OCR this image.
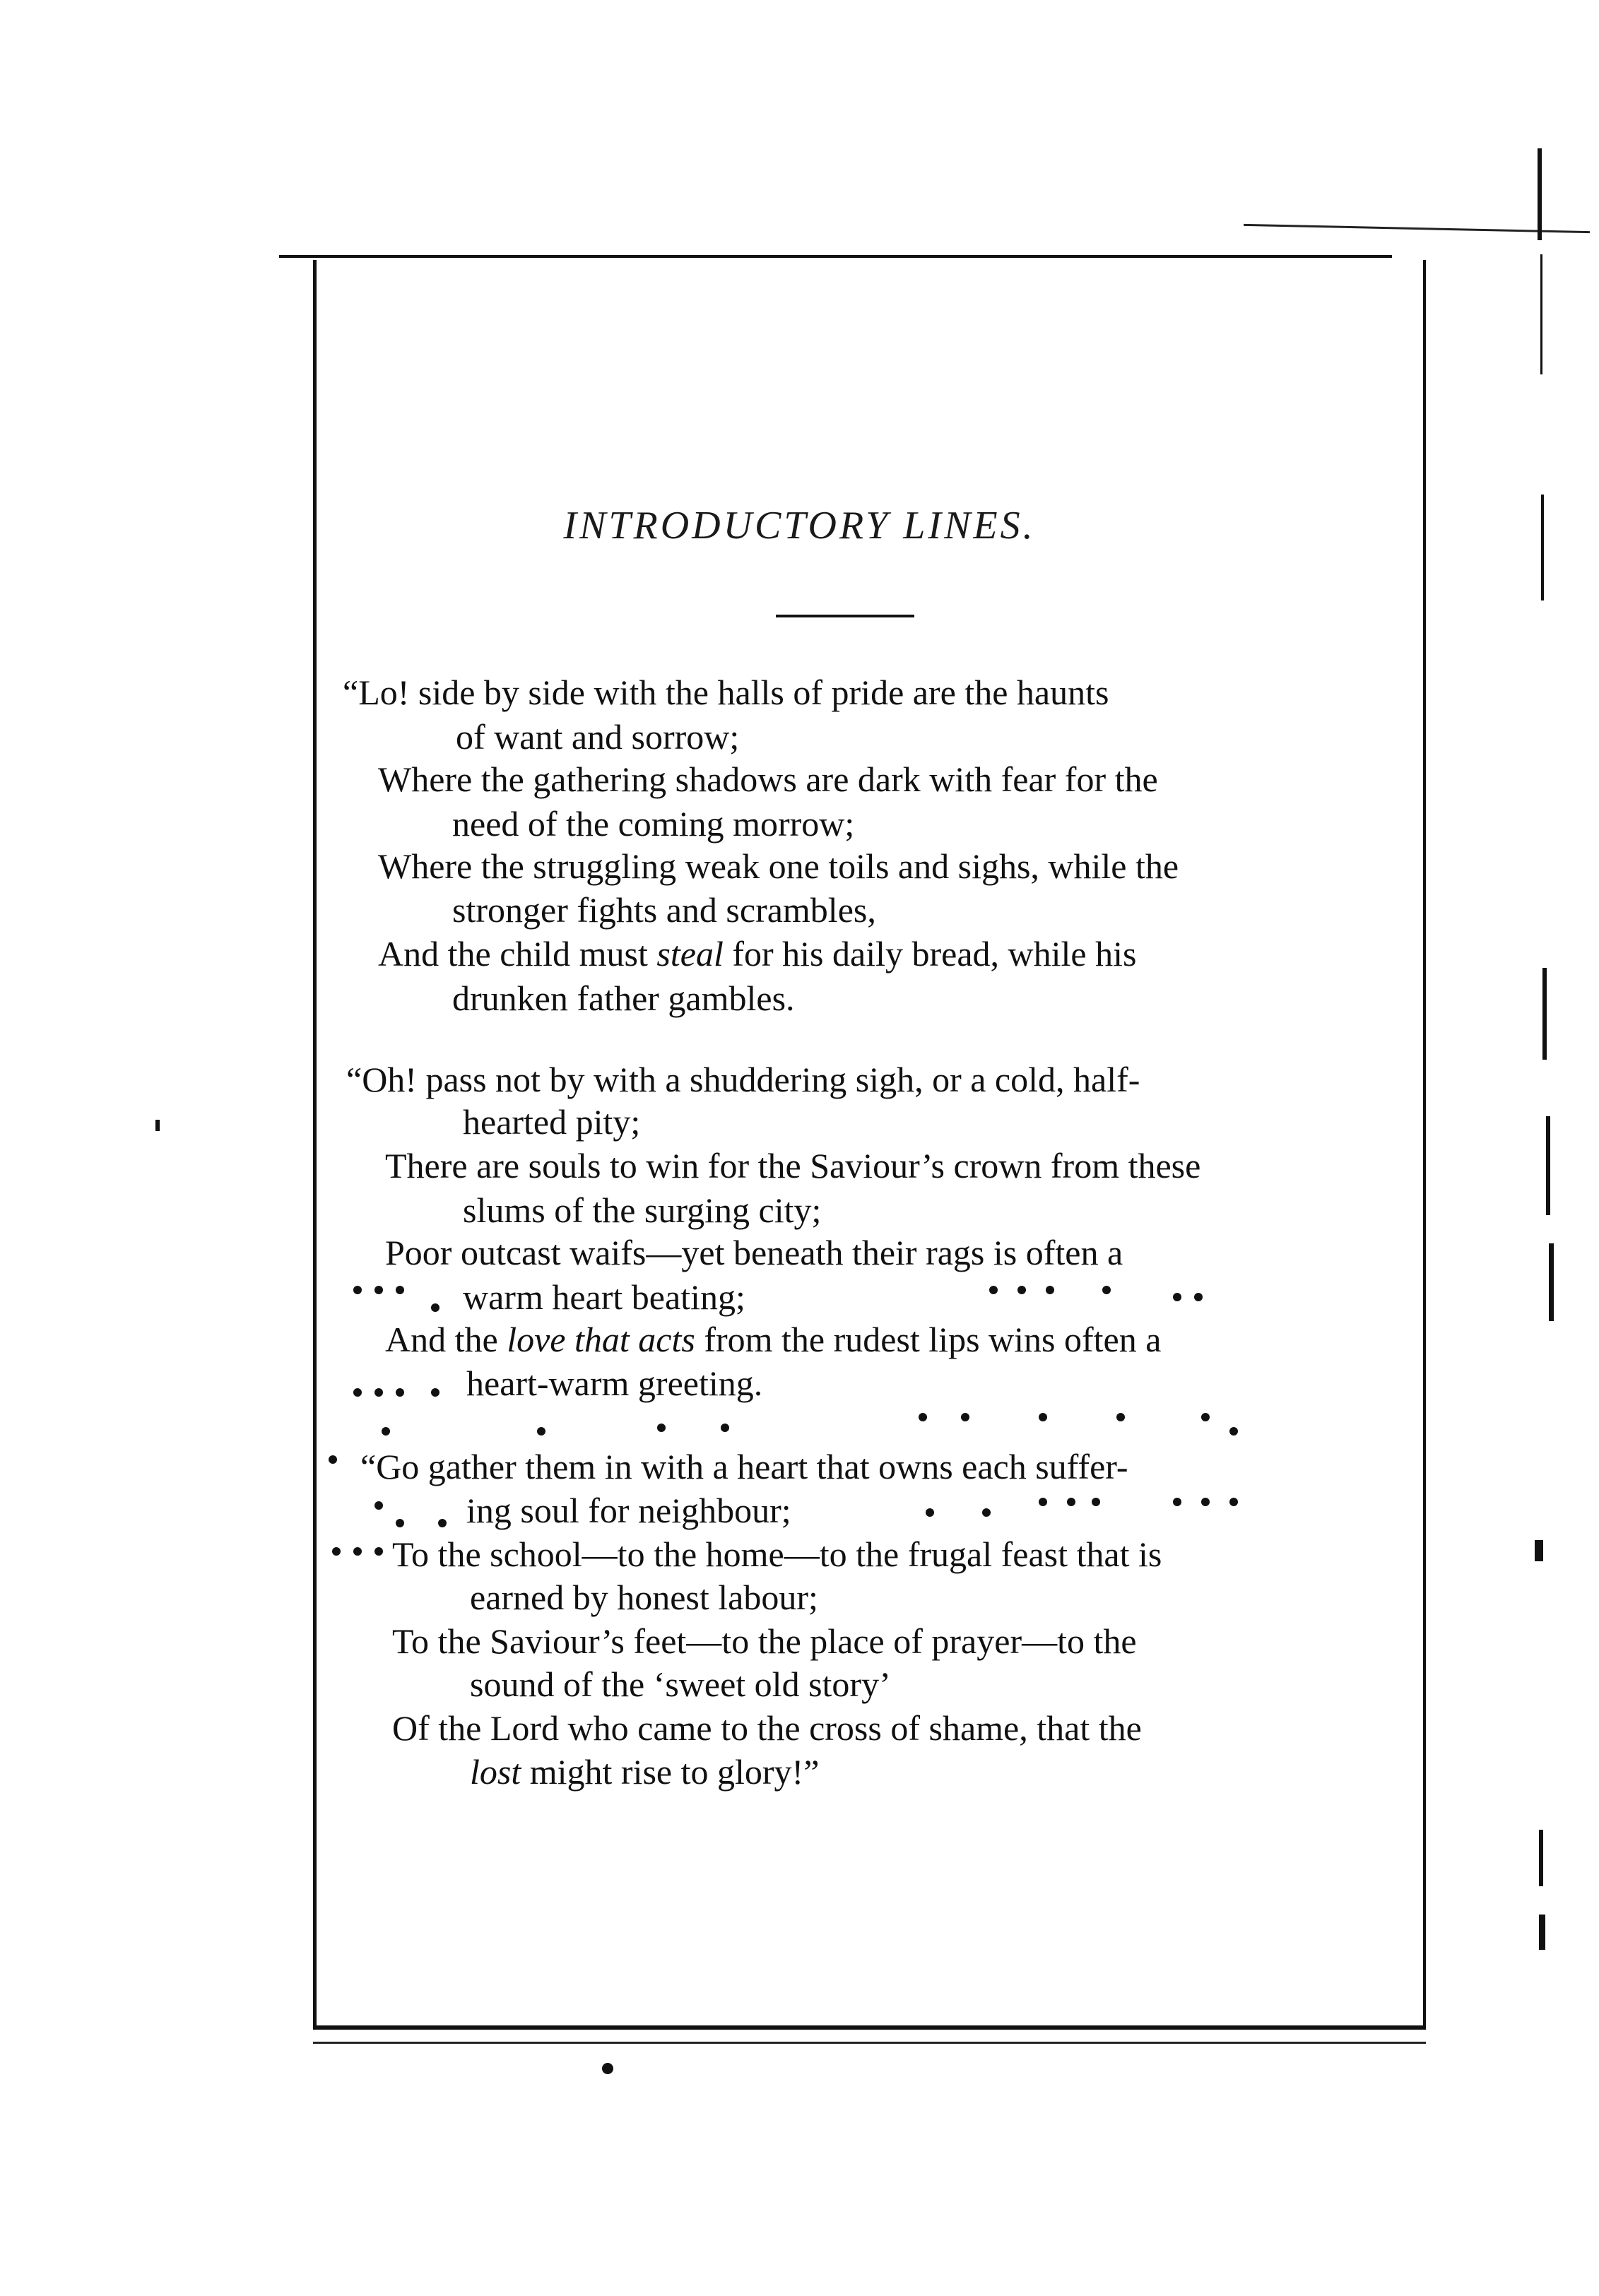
INTRODUCTORY LINES.
“Lo! side by side with the halls of pride are the haunts
of want and sorrow;
Where the gathering shadows are dark with fear for the
need of the coming morrow;
Where the struggling weak one toils and sighs, while the
stronger fights and scrambles,
And the child must steal for his daily bread, while his
drunken father gambles.
“Oh! pass not by with a shuddering sigh, or a cold, half-
hearted pity;
There are souls to win for the Saviour’s crown from these
slums of the surging city;
Poor outcast waifs—yet beneath their rags is often a
warm heart beating;
And the love that acts from the rudest lips wins often a
heart-warm greeting.
“Go gather them in with a heart that owns each suffer-
ing soul for neighbour;
To the school—to the home—to the frugal feast that is
earned by honest labour;
To the Saviour’s feet—to the place of prayer—to the
sound of the ‘sweet old story’
Of the Lord who came to the cross of shame, that the
lost might rise to glory!”
